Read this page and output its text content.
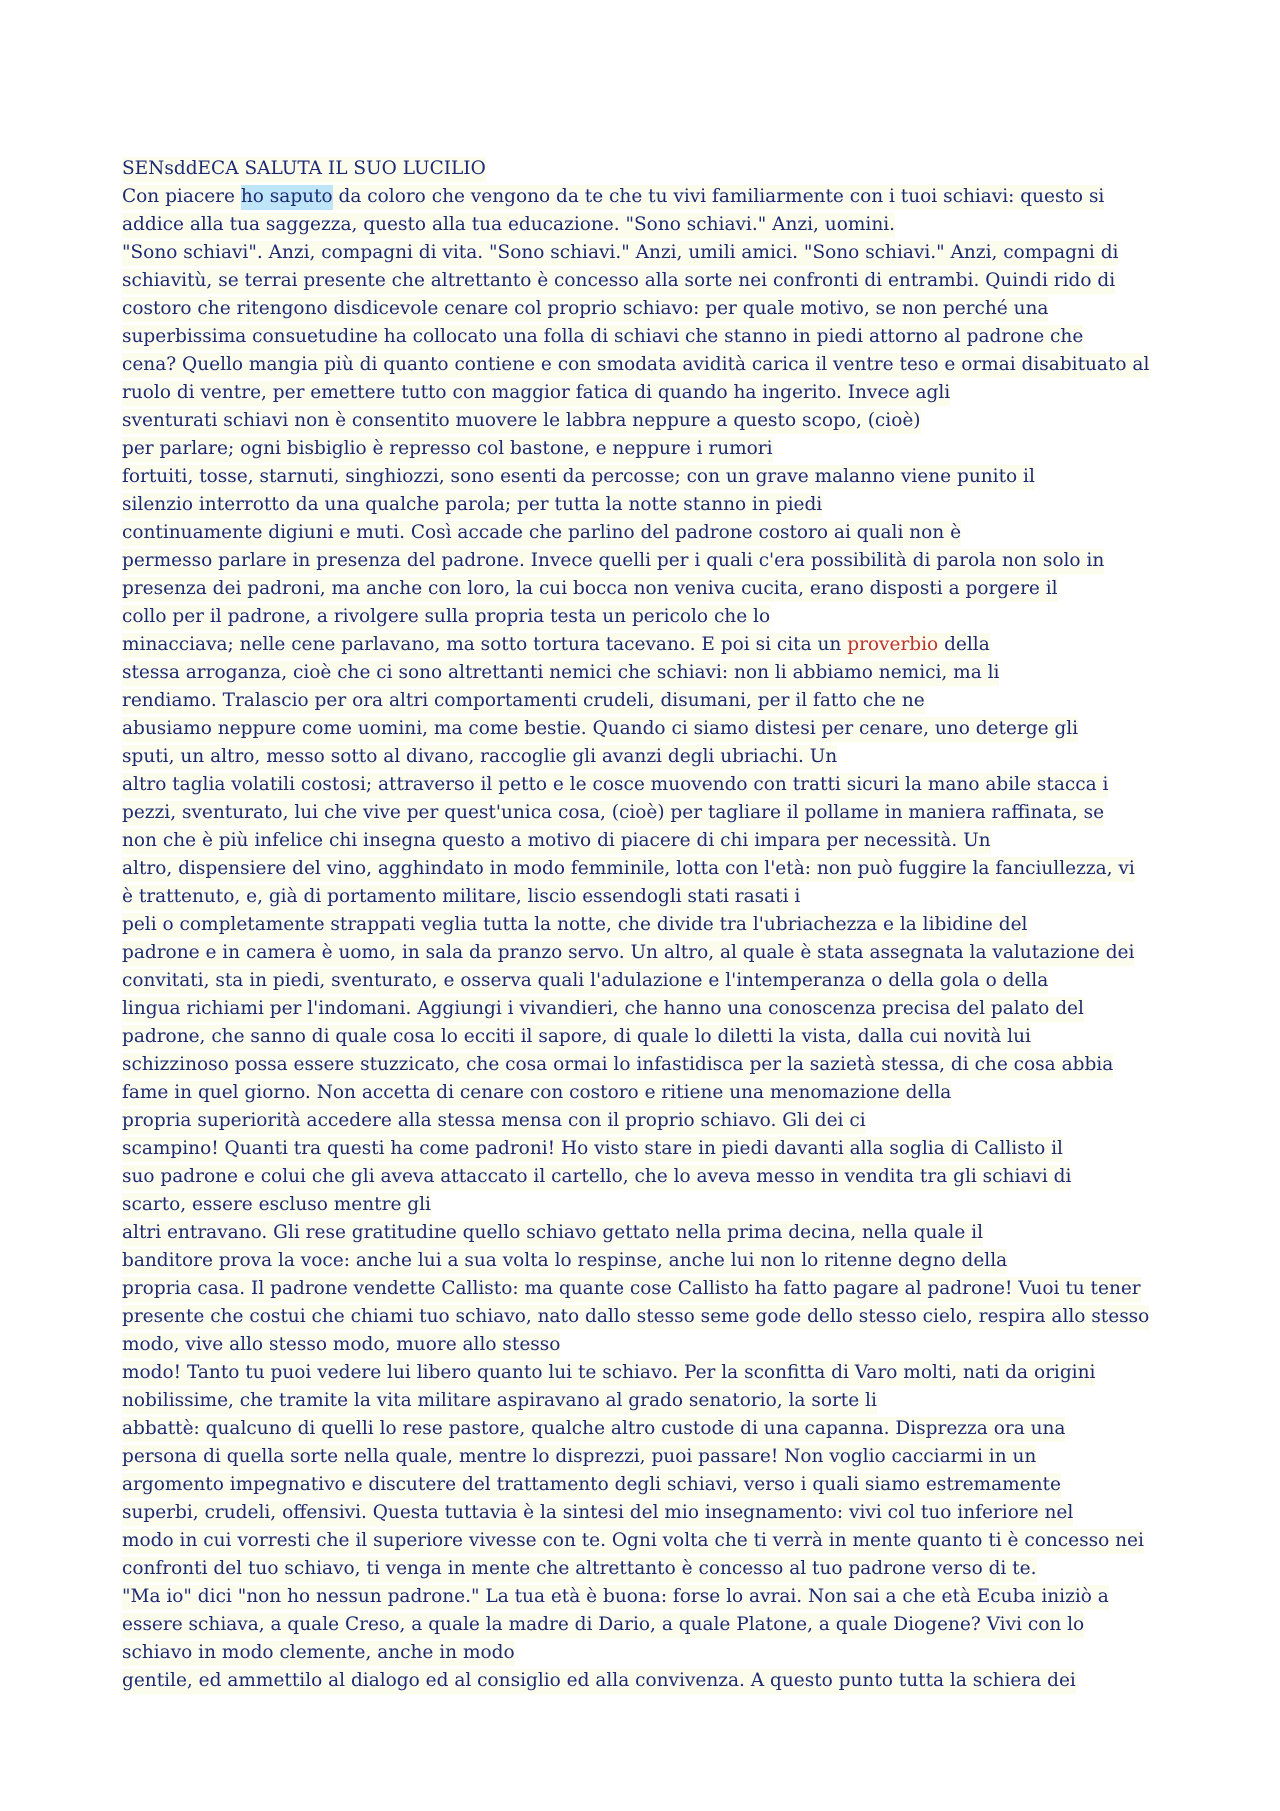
SENsddECA SALUTA IL SUO LUCILIO
Con piacere ho saputo da coloro che vengono da te che tu vivi familiarmente con i tuoi schiavi: questo si
addice alla tua saggezza, questo alla tua educazione. "Sono schiavi." Anzi, uomini.
"Sono schiavi". Anzi, compagni di vita. "Sono schiavi." Anzi, umili amici. "Sono schiavi." Anzi, compagni di
schiavitù, se terrai presente che altrettanto è concesso alla sorte nei confronti di entrambi. Quindi rido di
costoro che ritengono disdicevole cenare col proprio schiavo: per quale motivo, se non perché una
superbissima consuetudine ha collocato una folla di schiavi che stanno in piedi attorno al padrone che
cena? Quello mangia più di quanto contiene e con smodata avidità carica il ventre teso e ormai disabituato al
ruolo di ventre, per emettere tutto con maggior fatica di quando ha ingerito. Invece agli
sventurati schiavi non è consentito muovere le labbra neppure a questo scopo, (cioè)
per parlare; ogni bisbiglio è represso col bastone, e neppure i rumori
fortuiti, tosse, starnuti, singhiozzi, sono esenti da percosse; con un grave malanno viene punito il
silenzio interrotto da una qualche parola; per tutta la notte stanno in piedi
continuamente digiuni e muti. Così accade che parlino del padrone costoro ai quali non è
permesso parlare in presenza del padrone. Invece quelli per i quali c'era possibilità di parola non solo in
presenza dei padroni, ma anche con loro, la cui bocca non veniva cucita, erano disposti a porgere il
collo per il padrone, a rivolgere sulla propria testa un pericolo che lo
minacciava; nelle cene parlavano, ma sotto tortura tacevano. E poi si cita un proverbio della
stessa arroganza, cioè che ci sono altrettanti nemici che schiavi: non li abbiamo nemici, ma li
rendiamo. Tralascio per ora altri comportamenti crudeli, disumani, per il fatto che ne
abusiamo neppure come uomini, ma come bestie. Quando ci siamo distesi per cenare, uno deterge gli
sputi, un altro, messo sotto al divano, raccoglie gli avanzi degli ubriachi. Un
altro taglia volatili costosi; attraverso il petto e le cosce muovendo con tratti sicuri la mano abile stacca i
pezzi, sventurato, lui che vive per quest'unica cosa, (cioè) per tagliare il pollame in maniera raffinata, se
non che è più infelice chi insegna questo a motivo di piacere di chi impara per necessità. Un
altro, dispensiere del vino, agghindato in modo femminile, lotta con l'età: non può fuggire la fanciullezza, vi
è trattenuto, e, già di portamento militare, liscio essendogli stati rasati i
peli o completamente strappati veglia tutta la notte, che divide tra l'ubriachezza e la libidine del
padrone e in camera è uomo, in sala da pranzo servo. Un altro, al quale è stata assegnata la valutazione dei
convitati, sta in piedi, sventurato, e osserva quali l'adulazione e l'intemperanza o della gola o della
lingua richiami per l'indomani. Aggiungi i vivandieri, che hanno una conoscenza precisa del palato del
padrone, che sanno di quale cosa lo ecciti il sapore, di quale lo diletti la vista, dalla cui novità lui
schizzinoso possa essere stuzzicato, che cosa ormai lo infastidisca per la sazietà stessa, di che cosa abbia
fame in quel giorno. Non accetta di cenare con costoro e ritiene una menomazione della
propria superiorità accedere alla stessa mensa con il proprio schiavo. Gli dei ci
scampino! Quanti tra questi ha come padroni! Ho visto stare in piedi davanti alla soglia di Callisto il
suo padrone e colui che gli aveva attaccato il cartello, che lo aveva messo in vendita tra gli schiavi di
scarto, essere escluso mentre gli
altri entravano. Gli rese gratitudine quello schiavo gettato nella prima decina, nella quale il
banditore prova la voce: anche lui a sua volta lo respinse, anche lui non lo ritenne degno della
propria casa. Il padrone vendette Callisto: ma quante cose Callisto ha fatto pagare al padrone! Vuoi tu tener
presente che costui che chiami tuo schiavo, nato dallo stesso seme gode dello stesso cielo, respira allo stesso
modo, vive allo stesso modo, muore allo stesso
modo! Tanto tu puoi vedere lui libero quanto lui te schiavo. Per la sconfitta di Varo molti, nati da origini
nobilissime, che tramite la vita militare aspiravano al grado senatorio, la sorte li
abbattè: qualcuno di quelli lo rese pastore, qualche altro custode di una capanna. Disprezza ora una
persona di quella sorte nella quale, mentre lo disprezzi, puoi passare! Non voglio cacciarmi in un
argomento impegnativo e discutere del trattamento degli schiavi, verso i quali siamo estremamente
superbi, crudeli, offensivi. Questa tuttavia è la sintesi del mio insegnamento: vivi col tuo inferiore nel
modo in cui vorresti che il superiore vivesse con te. Ogni volta che ti verrà in mente quanto ti è concesso nei
confronti del tuo schiavo, ti venga in mente che altrettanto è concesso al tuo padrone verso di te.
"Ma io" dici "non ho nessun padrone." La tua età è buona: forse lo avrai. Non sai a che età Ecuba iniziò a
essere schiava, a quale Creso, a quale la madre di Dario, a quale Platone, a quale Diogene? Vivi con lo
schiavo in modo clemente, anche in modo
gentile, ed ammettilo al dialogo ed al consiglio ed alla convivenza. A questo punto tutta la schiera dei
